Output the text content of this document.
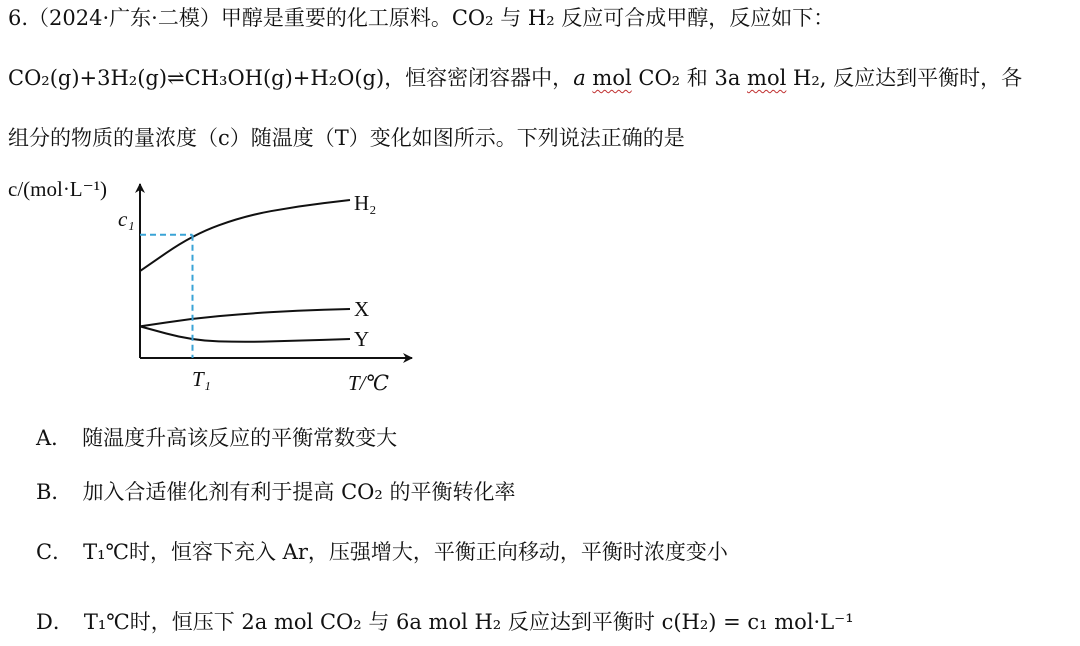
6.（2024·广东·二模）甲醇是重要的化工原料。CO₂ 与 H₂ 反应可合成甲醇，反应如下：
CO₂(g)+3H₂(g)⇌CH₃OH(g)+H₂O(g)，恒容密闭容器中，a mol CO₂ 和 3a mol H₂, 反应达到平衡时，各
组分的物质的量浓度（c）随温度（T）变化如图所示。下列说法正确的是
c/(mol·L⁻¹)
T/℃
T₁
c₁
H₂
X
Y
A． 随温度升高该反应的平衡常数变大
B． 加入合适催化剂有利于提高 CO₂ 的平衡转化率
C． T₁℃时，恒容下充入 Ar，压强增大，平衡正向移动，平衡时浓度变小
D． T₁℃时，恒压下 2a mol CO₂ 与 6a mol H₂ 反应达到平衡时 c(H₂) = c₁ mol·L⁻¹
